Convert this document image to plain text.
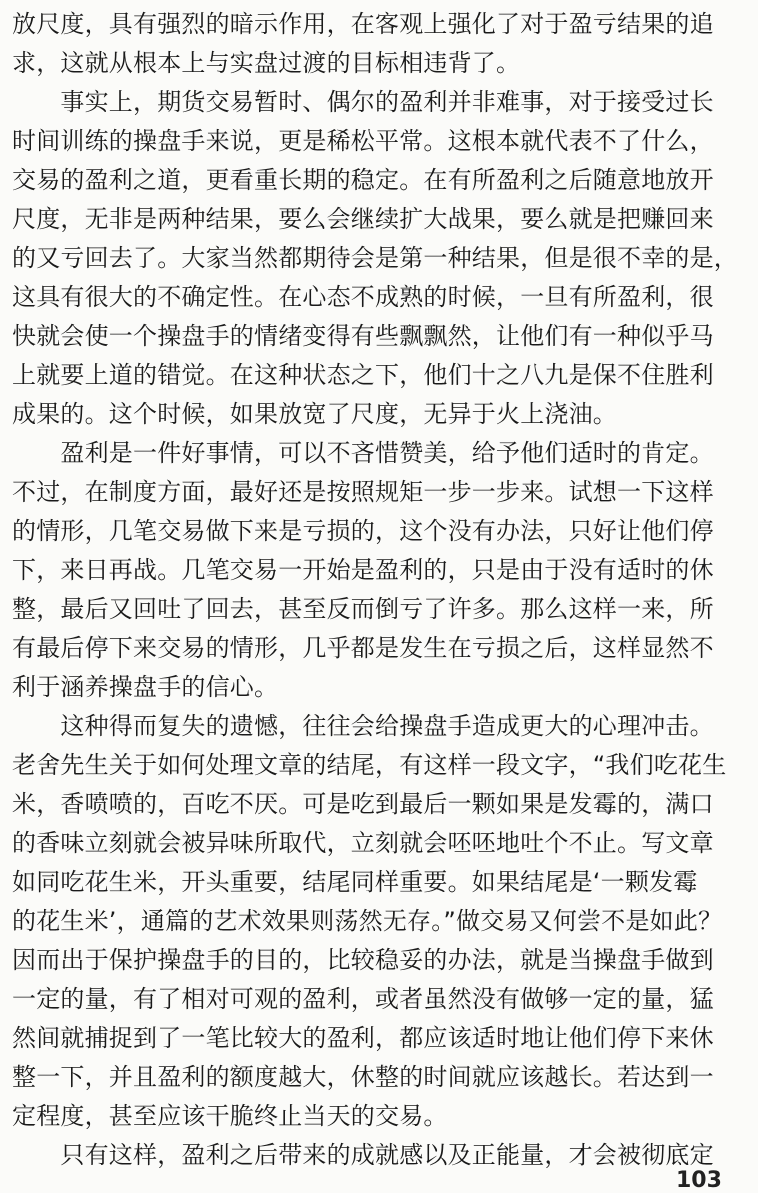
放尺度，具有强烈的暗示作用，在客观上强化了对于盈亏结果的追
求，这就从根本上与实盘过渡的目标相违背了。
　　事实上，期货交易暂时、偶尔的盈利并非难事，对于接受过长
时间训练的操盘手来说，更是稀松平常。这根本就代表不了什么，
交易的盈利之道，更看重长期的稳定。在有所盈利之后随意地放开
尺度，无非是两种结果，要么会继续扩大战果，要么就是把赚回来
的又亏回去了。大家当然都期待会是第一种结果，但是很不幸的是，
这具有很大的不确定性。在心态不成熟的时候，一旦有所盈利，很
快就会使一个操盘手的情绪变得有些飘飘然，让他们有一种似乎马
上就要上道的错觉。在这种状态之下，他们十之八九是保不住胜利
成果的。这个时候，如果放宽了尺度，无异于火上浇油。
　　盈利是一件好事情，可以不吝惜赞美，给予他们适时的肯定。
不过，在制度方面，最好还是按照规矩一步一步来。试想一下这样
的情形，几笔交易做下来是亏损的，这个没有办法，只好让他们停
下，来日再战。几笔交易一开始是盈利的，只是由于没有适时的休
整，最后又回吐了回去，甚至反而倒亏了许多。那么这样一来，所
有最后停下来交易的情形，几乎都是发生在亏损之后，这样显然不
利于涵养操盘手的信心。
　　这种得而复失的遗憾，往往会给操盘手造成更大的心理冲击。
老舍先生关于如何处理文章的结尾，有这样一段文字，“我们吃花生
米，香喷喷的，百吃不厌。可是吃到最后一颗如果是发霉的，满口
的香味立刻就会被异味所取代，立刻就会呸呸地吐个不止。写文章
如同吃花生米，开头重要，结尾同样重要。如果结尾是‘一颗发霉
的花生米’，通篇的艺术效果则荡然无存。”做交易又何尝不是如此？
因而出于保护操盘手的目的，比较稳妥的办法，就是当操盘手做到
一定的量，有了相对可观的盈利，或者虽然没有做够一定的量，猛
然间就捕捉到了一笔比较大的盈利，都应该适时地让他们停下来休
整一下，并且盈利的额度越大，休整的时间就应该越长。若达到一
定程度，甚至应该干脆终止当天的交易。
　　只有这样，盈利之后带来的成就感以及正能量，才会被彻底定
103
